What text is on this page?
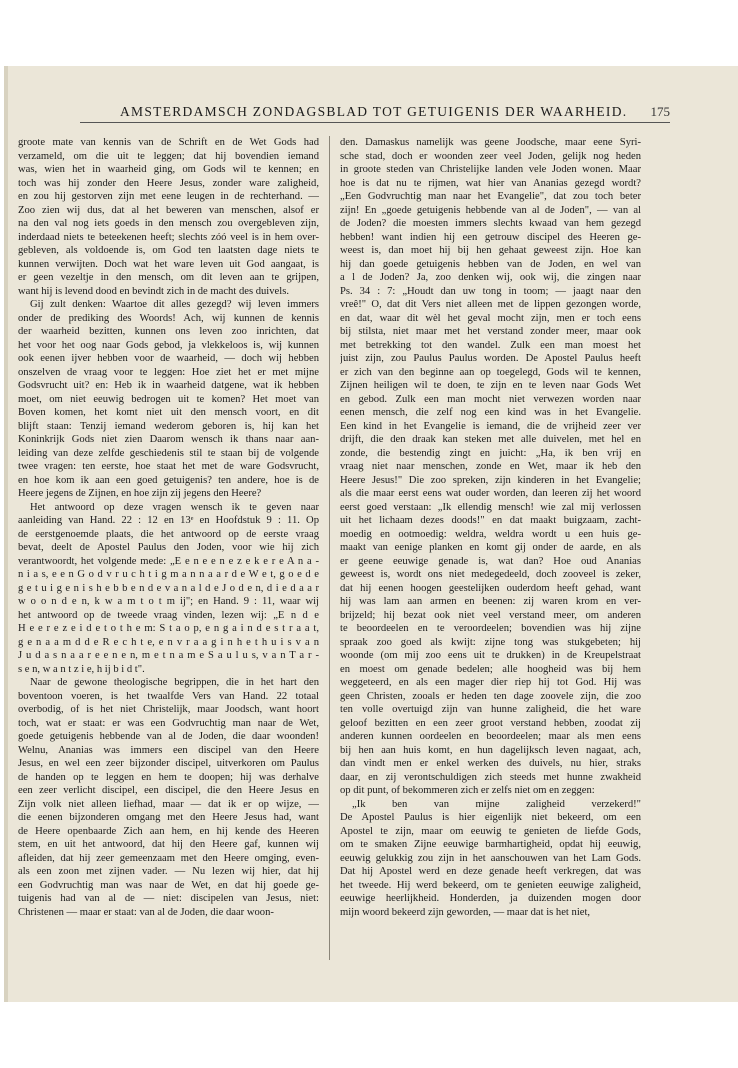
AMSTERDAMSCH ZONDAGSBLAD TOT GETUIGENIS DER WAARHEID. 175

groote mate van kennis van de Schrift en de Wet Gods had

verzameld, om die uit te leggen; dat hij bovendien iemand

was, wien het in waarheid ging, om Gods wil te kennen; en

toch was hij zonder den Heere Jesus, zonder ware zaligheid,

en zou hij gestorven zijn met eene leugen in de rechterhand. —

Zoo zien wij dus, dat al het beweren van menschen, alsof er

na den val nog iets goeds in den mensch zou overgebleven zijn,

inderdaad niets te beteekenen heeft; slechts zóó veel is in hem over-

gebleven, als voldoende is, om God ten laatsten dage niets te

kunnen verwijten. Doch wat het ware leven uit God aangaat, is

er geen vezeltje in den mensch, om dit leven aan te grijpen,

want hij is levend dood en bevindt zich in de macht des duivels.

Gij zult denken: Waartoe dit alles gezegd? wij leven immers

onder de prediking des Woords! Ach, wij kunnen de kennis

der waarheid bezitten, kunnen ons leven zoo inrichten, dat

het voor het oog naar Gods gebod, ja vlekkeloos is, wij kunnen

ook eenen ijver hebben voor de waarheid, — doch wij hebben

onszelven de vraag voor te leggen: Hoe ziet het er met mijne

Godsvrucht uit? en: Heb ik in waarheid datgene, wat ik hebben

moet, om niet eeuwig bedrogen uit te komen? Het moet van

Boven komen, het komt niet uit den mensch voort, en dit

blijft staan: Tenzij iemand wederom geboren is, hij kan het

Koninkrijk Gods niet zien Daarom wensch ik thans naar aan-

leiding van deze zelfde geschiedenis stil te staan bij de volgende

twee vragen: ten eerste, hoe staat het met de ware Godsvrucht,

en hoe kom ik aan een goed getuigenis? ten andere, hoe is de

Heere jegens de Zijnen, en hoe zijn zij jegens den Heere?

Het antwoord op deze vragen wensch ik te geven naar

aanleiding van Hand. 22 : 12 en 13ᵉ en Hoofdstuk 9 : 11. Op

de eerstgenoemde plaats, die het antwoord op de eerste vraag

bevat, deelt de Apostel Paulus den Joden, voor wie hij zich

verantwoordt, het volgende mede: „E e n e e n e z e k e r e A n a -

n i a s, e e n G o d v r u c h t i g m a n n a a r d e W e t, g o e d e

g e t u i g e n i s h e b b e n d e v a n a l d e J o d e n, d i e d a a r

w o o n d e n, k w a m t o t m ij"; en Hand. 9 : 11, waar wij

het antwoord op de tweede vraag vinden, lezen wij: „E n d e

H e e r e z e i d e t o t h e m: S t a o p, e n g a i n d e s t r a a t,

g e n a a m d d e R e c h t e, e n v r a a g i n h e t h u i s v a n

J u d a s n a a r e e n e n, m e t n a m e S a u l u s, v a n T a r -

s e n, w a n t z i e, h ij b i d t".

Naar de gewone theologische begrippen, die in het hart den

boventoon voeren, is het twaalfde Vers van Hand. 22 totaal

overbodig, of is het niet Christelijk, maar Joodsch, want hoort

toch, wat er staat: er was een Godvruchtig man naar de Wet,

goede getuigenis hebbende van al de Joden, die daar woonden!

Welnu, Ananias was immers een discipel van den Heere

Jesus, en wel een zeer bijzonder discipel, uitverkoren om Paulus

de handen op te leggen en hem te doopen; hij was derhalve

een zeer verlicht discipel, een discipel, die den Heere Jesus en

Zijn volk niet alleen liefhad, maar — dat ik er op wijze, —

die eenen bijzonderen omgang met den Heere Jesus had, want

de Heere openbaarde Zich aan hem, en hij kende des Heeren

stem, en uit het antwoord, dat hij den Heere gaf, kunnen wij

afleiden, dat hij zeer gemeenzaam met den Heere omging, even-

als een zoon met zijnen vader. — Nu lezen wij hier, dat hij

een Godvruchtig man was naar de Wet, en dat hij goede ge-

tuigenis had van al de — niet: discipelen van Jesus, niet:

Christenen — maar er staat: van al de Joden, die daar woon-

den. Damaskus namelijk was geene Joodsche, maar eene Syri-

sche stad, doch er woonden zeer veel Joden, gelijk nog heden

in groote steden van Christelijke landen vele Joden wonen. Maar

hoe is dat nu te rijmen, wat hier van Ananias gezegd wordt?

„Een Godvruchtig man naar het Evangelie", dat zou toch beter

zijn! En „goede getuigenis hebbende van al de Joden", — van al

de Joden? die moesten immers slechts kwaad van hem gezegd

hebben! want indien hij een getrouw discipel des Heeren ge-

weest is, dan moet hij bij hen gehaat geweest zijn. Hoe kan

hij dan goede getuigenis hebben van de Joden, en wel van

a l de Joden? Ja, zoo denken wij, ook wij, die zingen naar

Ps. 34 : 7: „Houdt dan uw tong in toom; — jaagt naar den

vreê!" O, dat dit Vers niet alleen met de lippen gezongen worde,

en dat, waar dit wèl het geval mocht zijn, men er toch eens

bij stilsta, niet maar met het verstand zonder meer, maar ook

met betrekking tot den wandel. Zulk een man moest het

juist zijn, zou Paulus Paulus worden. De Apostel Paulus heeft

er zich van den beginne aan op toegelegd, Gods wil te kennen,

Zijnen heiligen wil te doen, te zijn en te leven naar Gods Wet

en gebod. Zulk een man mocht niet verwezen worden naar

eenen mensch, die zelf nog een kind was in het Evangelie.

Een kind in het Evangelie is iemand, die de vrijheid zeer ver

drijft, die den draak kan steken met alle duivelen, met hel en

zonde, die bestendig zingt en juicht: „Ha, ik ben vrij en

vraag niet naar menschen, zonde en Wet, maar ik heb den

Heere Jesus!" Die zoo spreken, zijn kinderen in het Evangelie;

als die maar eerst eens wat ouder worden, dan leeren zij het woord

eerst goed verstaan: „Ik ellendig mensch! wie zal mij verlossen

uit het lichaam dezes doods!" en dat maakt buigzaam, zacht-

moedig en ootmoedig: weldra, weldra wordt u een huis ge-

maakt van eenige planken en komt gij onder de aarde, en als

er geene eeuwige genade is, wat dan? Hoe oud Ananias

geweest is, wordt ons niet medegedeeld, doch zooveel is zeker,

dat hij eenen hoogen geestelijken ouderdom heeft gehad, want

hij was lam aan armen en beenen: zij waren krom en ver-

brijzeld; hij bezat ook niet veel verstand meer, om anderen

te beoordeelen en te veroordeelen; bovendien was hij zijne

spraak zoo goed als kwijt: zijne tong was stukgebeten; hij

woonde (om mij zoo eens uit te drukken) in de Kreupelstraat

en moest om genade bedelen; alle hoogheid was bij hem

weggeteerd, en als een mager dier riep hij tot God. Hij was

geen Christen, zooals er heden ten dage zoovele zijn, die zoo

ten volle overtuigd zijn van hunne zaligheid, die het ware

geloof bezitten en een zeer groot verstand hebben, zoodat zij

anderen kunnen oordeelen en beoordeelen; maar als men eens

bij hen aan huis komt, en hun dagelijksch leven nagaat, ach,

dan vindt men er enkel werken des duivels, nu hier, straks

daar, en zij verontschuldigen zich steeds met hunne zwakheid

op dit punt, of bekommeren zich er zelfs niet om en zeggen:

„Ik ben van mijne zaligheid verzekerd!"

De Apostel Paulus is hier eigenlijk niet bekeerd, om een

Apostel te zijn, maar om eeuwig te genieten de liefde Gods,

om te smaken Zijne eeuwige barmhartigheid, opdat hij eeuwig,

eeuwig gelukkig zou zijn in het aanschouwen van het Lam Gods.

Dat hij Apostel werd en deze genade heeft verkregen, dat was

het tweede. Hij werd bekeerd, om te genieten eeuwige zaligheid,

eeuwige heerlijkheid. Honderden, ja duizenden mogen door

mijn woord bekeerd zijn geworden, — maar dat is het niet,
